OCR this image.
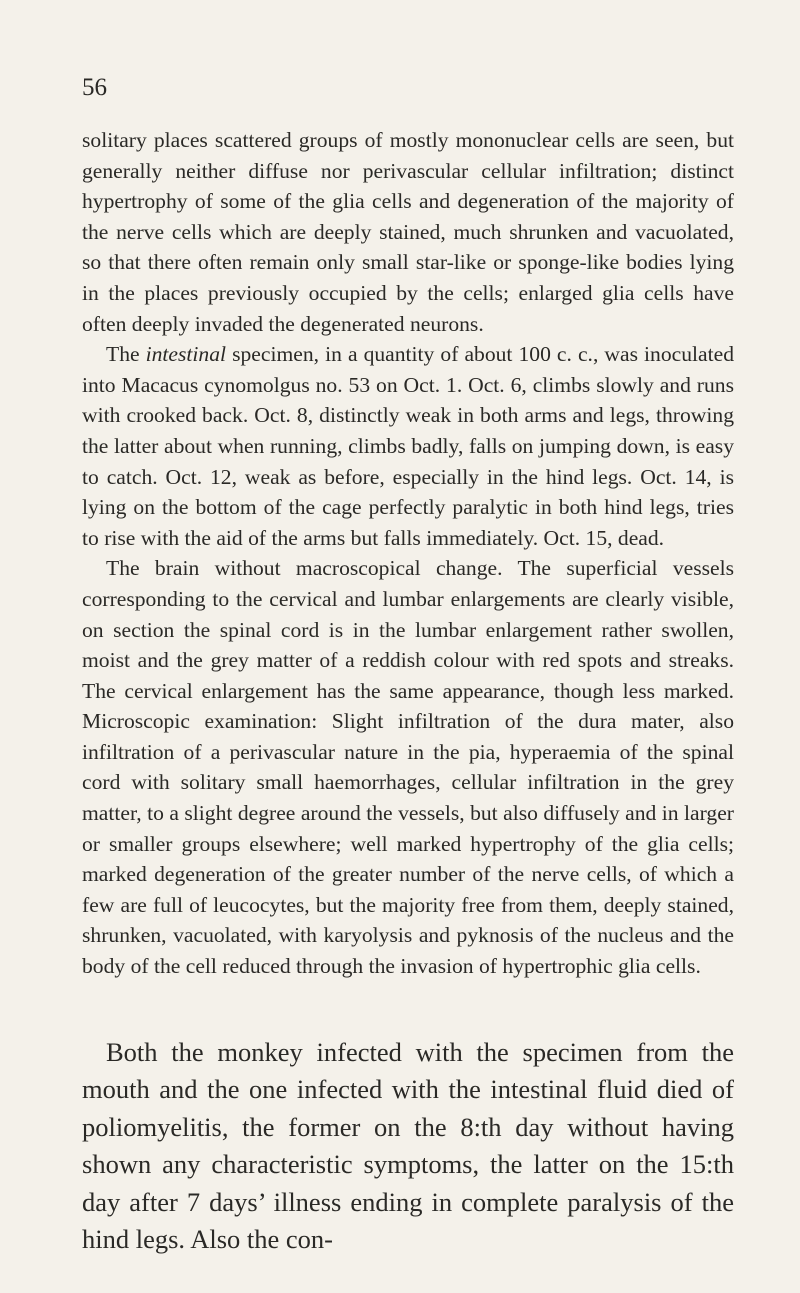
56

solitary places scattered groups of mostly mononuclear cells are seen, but generally neither diffuse nor perivascular cellular infiltration; distinct hypertrophy of some of the glia cells and degeneration of the majority of the nerve cells which are deeply stained, much shrunken and vacuolated, so that there often remain only small star-like or sponge-like bodies lying in the places previously occupied by the cells; enlarged glia cells have often deeply invaded the degenerated neurons.

The intestinal specimen, in a quantity of about 100 c. c., was inoculated into Macacus cynomolgus no. 53 on Oct. 1. Oct. 6, climbs slowly and runs with crooked back. Oct. 8, distinctly weak in both arms and legs, throwing the latter about when running, climbs badly, falls on jumping down, is easy to catch. Oct. 12, weak as before, especially in the hind legs. Oct. 14, is lying on the bottom of the cage perfectly paralytic in both hind legs, tries to rise with the aid of the arms but falls immediately. Oct. 15, dead.

The brain without macroscopical change. The superficial vessels corresponding to the cervical and lumbar enlargements are clearly visible, on section the spinal cord is in the lumbar enlargement rather swollen, moist and the grey matter of a reddish colour with red spots and streaks. The cervical enlargement has the same appearance, though less marked. Microscopic examination: Slight infiltration of the dura mater, also infiltration of a perivascular nature in the pia, hyperaemia of the spinal cord with solitary small haemorrhages, cellular infiltration in the grey matter, to a slight degree around the vessels, but also diffusely and in larger or smaller groups elsewhere; well marked hypertrophy of the glia cells; marked degeneration of the greater number of the nerve cells, of which a few are full of leucocytes, but the majority free from them, deeply stained, shrunken, vacuolated, with karyolysis and pyknosis of the nucleus and the body of the cell reduced through the invasion of hypertrophic glia cells.

Both the monkey infected with the specimen from the mouth and the one infected with the intestinal fluid died of poliomyelitis, the former on the 8:th day without having shown any characteristic symptoms, the latter on the 15:th day after 7 days’ illness ending in complete paralysis of the hind legs. Also the con-
